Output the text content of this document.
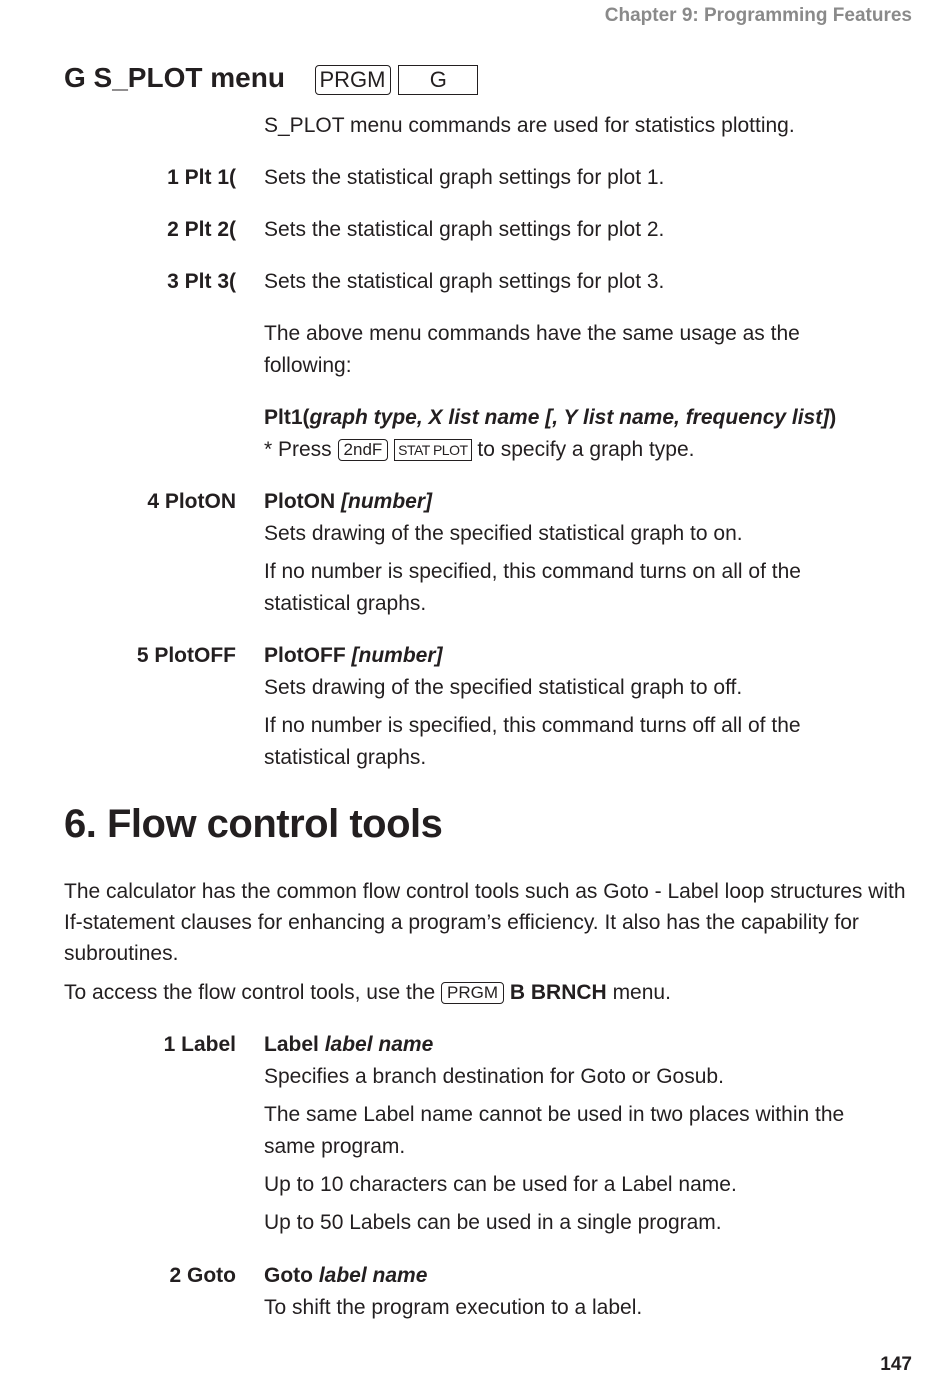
Chapter 9: Programming Features
G S_PLOT menu PRGM G
S_PLOT menu commands are used for statistics plotting.
1 Plt 1( Sets the statistical graph settings for plot 1.
2 Plt 2( Sets the statistical graph settings for plot 2.
3 Plt 3( Sets the statistical graph settings for plot 3.
The above menu commands have the same usage as the following:
Plt1(graph type, X list name [, Y list name, frequency list])
* Press 2ndF STAT PLOT to specify a graph type.
4 PlotON PlotON [number]

Sets drawing of the specified statistical graph to on.

If no number is specified, this command turns on all of the statistical graphs.

5 PlotOFF PlotOFF [number]

Sets drawing of the specified statistical graph to off.

If no number is specified, this command turns off all of the statistical graphs.

6. Flow control tools
The calculator has the common flow control tools such as Goto - Label loop structures with If-statement clauses for enhancing a program’s efficiency. It also has the capability for subroutines.
To access the flow control tools, use the PRGM B BRNCH menu.
1 Label Label label name

Specifies a branch destination for Goto or Gosub.

The same Label name cannot be used in two places within the same program.

Up to 10 characters can be used for a Label name.

Up to 50 Labels can be used in a single program.

2 Goto Goto label name

To shift the program execution to a label.

147
